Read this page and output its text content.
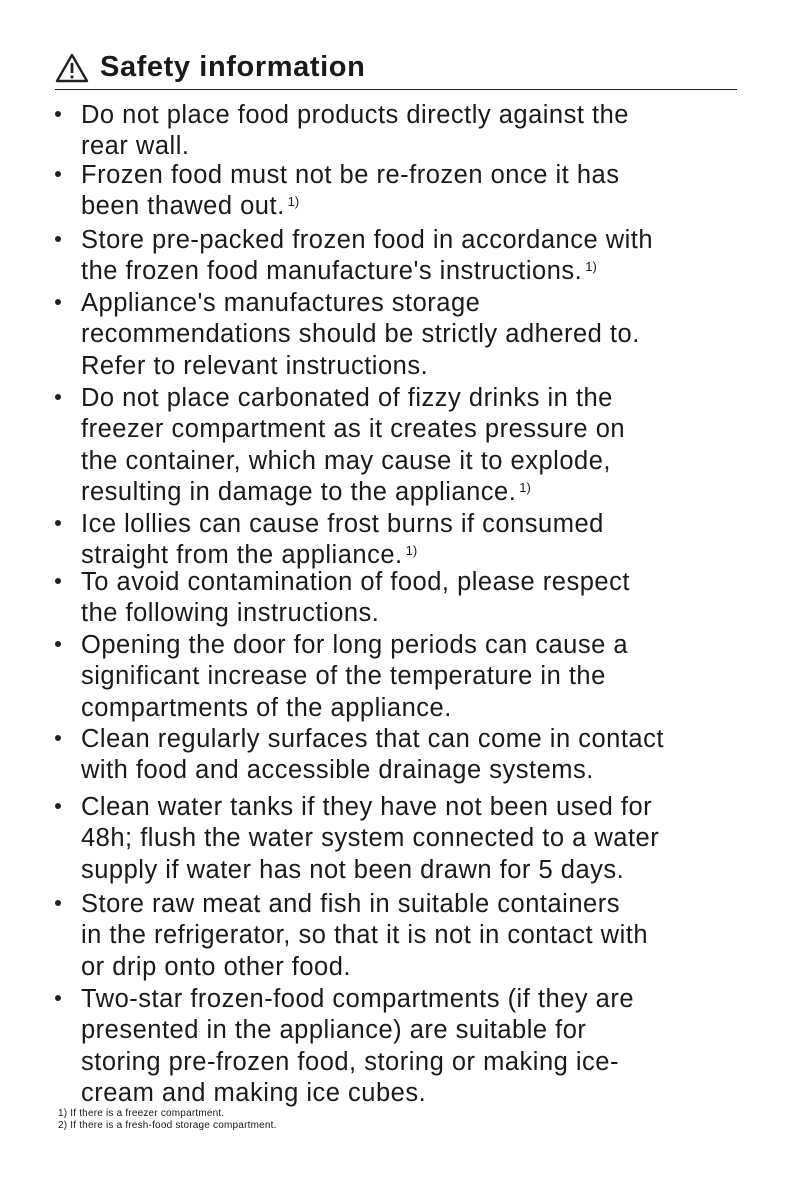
Safety information
Do not place food products directly against the
rear wall.
Frozen food must not be re-frozen once it has
been thawed out. $^{1)}$
Store pre-packed frozen food in accordance with
the frozen food manufacture's instructions. $^{1)}$
Appliance's manufactures storage
recommendations should be strictly adhered to.
Refer to relevant instructions.
Do not place carbonated of fizzy drinks in the
freezer compartment as it creates pressure on
the container, which may cause it to explode,
resulting in damage to the appliance. $^{1)}$
Ice lollies can cause frost burns if consumed
straight from the appliance. $^{1)}$
To avoid contamination of food, please respect
the following instructions.
Opening the door for long periods can cause a
significant increase of the temperature in the
compartments of the appliance.
Clean regularly surfaces that can come in contact
with food and accessible drainage systems.
Clean water tanks if they have not been used for
48h; flush the water system connected to a water
supply if water has not been drawn for 5 days.
Store raw meat and fish in suitable containers
in the refrigerator, so that it is not in contact with
or drip onto other food.
Two-star frozen-food compartments (if they are
presented in the appliance) are suitable for
storing pre-frozen food, storing or making ice-
cream and making ice cubes.
1) If there is a freezer compartment.
2) If there is a fresh-food storage compartment.
